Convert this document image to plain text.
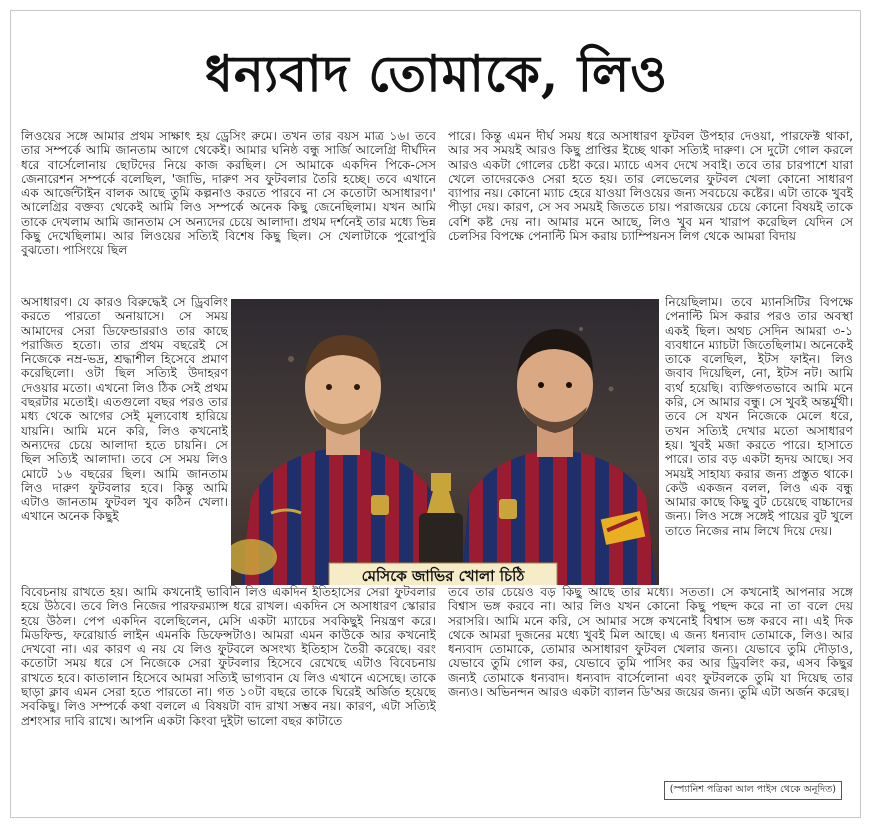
ধন্যবাদ তোমাকে, লিও

লিওয়ের সঙ্গে আমার প্রথম সাক্ষাৎ হয় ড্রেসিং রুমে। তখন তার বয়স মাত্র ১৬। তবে তার সম্পর্কে আমি জানতাম আগে থেকেই। আমার ঘনিষ্ঠ বন্ধু সার্জি আলেগ্রি দীর্ঘদিন ধরে বার্সেলোনায় ছোটদের নিয়ে কাজ করছিল। সে আমাকে একদিন পিকে-সেস জেনারেশন সম্পর্কে বলেছিল, 'জাভি, দারুণ সব ফুটবলার তৈরি হচ্ছে। তবে এখানে এক আর্জেন্টাইন বালক আছে তুমি কল্পনাও করতে পারবে না সে কতোটা অসাধারণ।' আলেগ্রির বক্তব্য থেকেই আমি লিও সম্পর্কে অনেক কিছু জেনেছিলাম। যখন আমি তাকে দেখলাম আমি জানতাম সে অন্যদের চেয়ে আলাদা। প্রথম দর্শনেই তার মধ্যে ভিন্ন কিছু দেখেছিলাম। আর লিওয়ের সত্যিই বিশেষ কিছু ছিল। সে খেলাটাকে পুরোপুরি বুঝতো। পাসিংয়ে ছিল

পারে। কিন্তু এমন দীর্ঘ সময় ধরে অসাধারণ ফুটবল উপহার দেওয়া, পারফেক্ট থাকা, আর সব সময়ই আরও কিছু প্রাপ্তির ইচ্ছে থাকা সত্যিই দারুণ। সে দুটো গোল করলে আরও একটা গোলের চেষ্টা করে। ম্যাচে এসব দেখে সবাই। তবে তার চারপাশে যারা খেলে তাদেরকেও সেরা হতে হয়। তার লেভেলের ফুটবল খেলা কোনো সাধারণ ব্যাপার নয়। কোনো ম্যাচ হেরে যাওয়া লিওয়ের জন্য সবচেয়ে কষ্টের। এটা তাকে খুবই পীড়া দেয়। কারণ, সে সব সময়ই জিততে চায়। পরাজয়ের চেয়ে কোনো বিষয়ই তাকে বেশি কষ্ট দেয় না। আমার মনে আছে, লিও খুব মন খারাপ করেছিল যেদিন সে চেলসির বিপক্ষে পেনাল্টি মিস করায় চ্যাম্পিয়নস লিগ থেকে আমরা বিদায়

অসাধারণ। যে কারও বিরুদ্ধেই সে ড্রিবলিং করতে পারতো অনায়াসে। সে সময় আমাদের সেরা ডিফেন্ডাররাও তার কাছে পরাজিত হতো। তার প্রথম বছরেই সে নিজেকে নম্র-ভদ্র, শ্রদ্ধাশীল হিসেবে প্রমাণ করেছিলো। ওটা ছিল সত্যিই উদাহরণ দেওয়ার মতো। এখনো লিও ঠিক সেই প্রথম বছরটার মতোই। এতগুলো বছর পরও তার মধ্য থেকে আগের সেই মূল্যবোধ হারিয়ে যায়নি। আমি মনে করি, লিও কখনোই অন্যদের চেয়ে আলাদা হতে চায়নি। সে ছিল সত্যিই আলাদা। তবে সে সময় লিও মোটে ১৬ বছরের ছিল। আমি জানতাম লিও দারুণ ফুটবলার হবে। কিন্তু আমি এটাও জানতাম ফুটবল খুব কঠিন খেলা। এখানে অনেক কিছুই

নিয়েছিলাম। তবে ম্যানসিটির বিপক্ষে পেনাল্টি মিস করার পরও তার অবস্থা একই ছিল। অথচ সেদিন আমরা ৩-১ ব্যবধানে ম্যাচটা জিতেছিলাম। অনেকেই তাকে বলেছিল, ইটস ফাইন। লিও জবাব দিয়েছিল, নো, ইটস নট। আমি ব্যর্থ হয়েছি। ব্যক্তিগতভাবে আমি মনে করি, সে আমার বন্ধু। সে খুবই অন্তর্মুখী। তবে সে যখন নিজেকে মেলে ধরে, তখন সত্যিই দেখার মতো অসাধারণ হয়। খুবই মজা করতে পারে। হাসাতে পারে। তার বড় একটা হৃদয় আছে। সব সময়ই সাহায্য করার জন্য প্রস্তুত থাকে। কেউ একজন বলল, লিও এক বন্ধু আমার কাছে কিছু বুট চেয়েছে বাচ্চাদের জন্য। লিও সঙ্গে সঙ্গেই পায়ের বুট খুলে তাতে নিজের নাম লিখে দিয়ে দেয়।

বিবেচনায় রাখতে হয়। আমি কখনোই ভাবিনি লিও একদিন ইতিহাসের সেরা ফুটবলার হয়ে উঠবে। তবে লিও নিজের পারফরম্যান্স ধরে রাখল। একদিন সে অসাধারণ স্কোরার হয়ে উঠল। পেপ একদিন বলেছিলেন, মেসি একটা ম্যাচের সবকিছুই নিয়ন্ত্রণ করে। মিডফিল্ড, ফরোয়ার্ড লাইন এমনকি ডিফেন্সটাও। আমরা এমন কাউকে আর কখনোই দেখবো না। এর কারণ এ নয় যে লিও ফুটবলে অসংখ্য ইতিহাস তৈরী করেছে। বরং কতোটা সময় ধরে সে নিজেকে সেরা ফুটবলার হিসেবে রেখেছে এটাও বিবেচনায় রাখতে হবে। কাতালান হিসেবে আমরা সত্যিই ভাগ্যবান যে লিও এখানে এসেছে। তাকে ছাড়া ক্লাব এমন সেরা হতে পারতো না। গত ১০টা বছরে তাকে ঘিরেই অর্জিত হয়েছে সবকিছু। লিও সম্পর্কে কথা বললে এ বিষয়টা বাদ রাখা সম্ভব নয়। কারণ, এটা সত্যিই প্রশংসার দাবি রাখে। আপনি একটা কিংবা দুইটা ভালো বছর কাটাতে

তবে তার চেয়েও বড় কিছু আছে তার মধ্যে। সততা। সে কখনোই আপনার সঙ্গে বিশ্বাস ভঙ্গ করবে না। আর লিও যখন কোনো কিছু পছন্দ করে না তা বলে দেয় সরাসরি। আমি মনে করি, সে আমার সঙ্গে কখনোই বিশ্বাস ভঙ্গ করবে না। এই দিক থেকে আমরা দুজনের মধ্যে খুবই মিল আছে। এ জন্য ধন্যবাদ তোমাকে, লিও। আর ধন্যবাদ তোমাকে, তোমার অসাধারণ ফুটবল খেলার জন্য। যেভাবে তুমি দৌড়াও, যেভাবে তুমি গোল কর, যেভাবে তুমি পাসিং কর আর ড্রিবলিং কর, এসব কিছুর জন্যই তোমাকে ধন্যবাদ। ধন্যবাদ বার্সেলোনা এবং ফুটবলকে তুমি যা দিয়েছ তার জন্যও। অভিনন্দন আরও একটা ব্যালন ডি'অর জয়ের জন্য। তুমি এটা অর্জন করেছ।

মেসিকে জাভির খোলা চিঠি
(স্প্যানিশ পত্রিকা আল পাইস থেকে অনূদিত)
